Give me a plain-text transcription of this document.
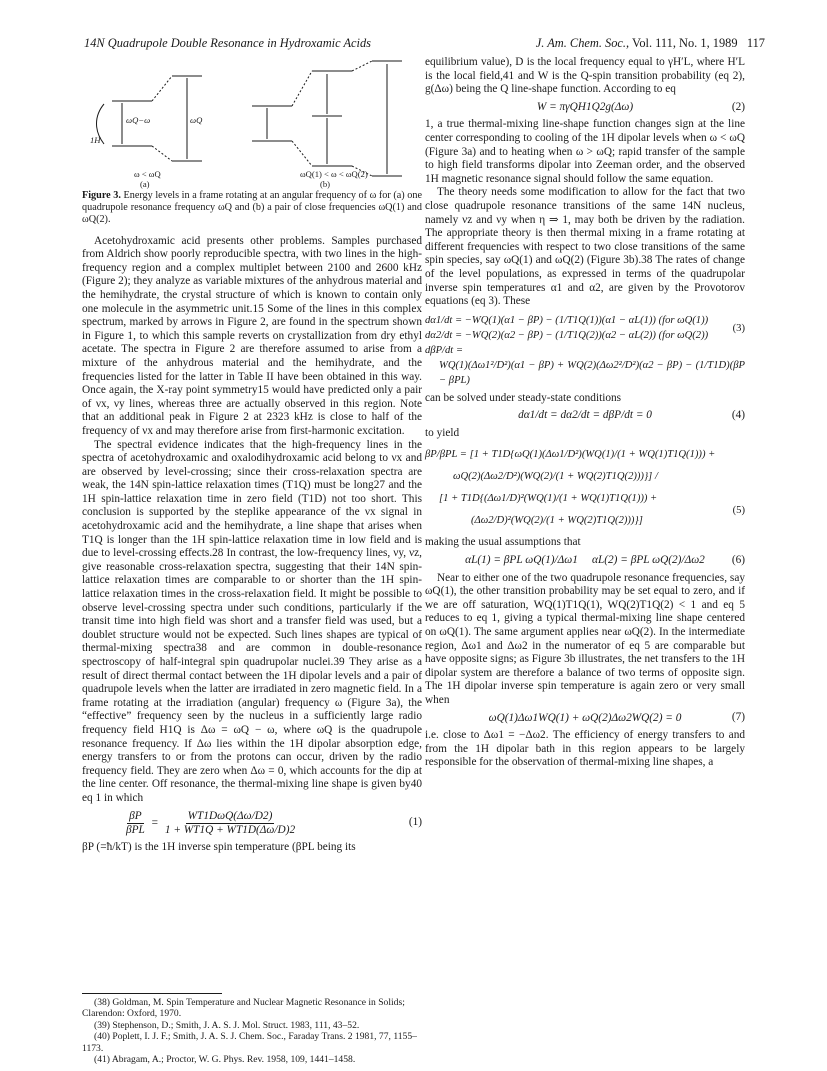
14N Quadrupole Double Resonance in Hydroxamic Acids	J. Am. Chem. Soc., Vol. 111, No. 1, 1989 117
1H
ωQ−ω	ωQ
ω < ωQ
(a)
ωQ(1) < ω < ωQ(2)
(b)

Figure 3. Energy levels in a frame rotating at an angular frequency of ω for (a) one quadrupole resonance frequency ωQ and (b) a pair of close frequencies ωQ(1) and ωQ(2).

Acetohydroxamic acid presents other problems. Samples purchased from Aldrich show poorly reproducible spectra, with two lines in the high-frequency region and a complex multiplet between 2100 and 2600 kHz (Figure 2); they analyze as variable mixtures of the anhydrous material and the hemihydrate, the crystal structure of which is known to contain only one molecule in the asymmetric unit.15 Some of the lines in this complex spectrum, marked by arrows in Figure 2, are found in the spectrum shown in Figure 1, to which this sample reverts on crystallization from dry ethyl acetate. The spectra in Figure 2 are therefore assumed to arise from a mixture of the anhydrous material and the hemihydrate, and the frequencies listed for the latter in Table II have been obtained in this way. Once again, the X-ray point symmetry15 would have predicted only a pair of νx, νy lines, whereas three are actually observed in this region. Note that an additional peak in Figure 2 at 2323 kHz is close to half of the frequency of νx and may therefore arise from first-harmonic excitation.

The spectral evidence indicates that the high-frequency lines in the spectra of acetohydroxamic and oxalodihydroxamic acid belong to νx and are observed by level-crossing; since their cross-relaxation spectra are weak, the 14N spin-lattice relaxation times (T1Q) must be long27 and the 1H spin-lattice relaxation time in zero field (T1D) not too short. This conclusion is supported by the steplike appearance of the νx signal in acetohydroxamic acid and the hemihydrate, a line shape that arises when T1Q is longer than the 1H spin-lattice relaxation time in low field and is due to level-crossing effects.28 In contrast, the low-frequency lines, νy, νz, give reasonable cross-relaxation spectra, suggesting that their 14N spin-lattice relaxation times are comparable to or shorter than the 1H spin-lattice relaxation times in the cross-relaxation field. It might be possible to observe level-crossing spectra under such conditions, particularly if the transit time into high field was short and a transfer field was used, but a doublet structure would not be expected. Such lines shapes are typical of thermal-mixing spectra38 and are common in double-resonance spectroscopy of half-integral spin quadrupolar nuclei.39 They arise as a result of direct thermal contact between the 1H dipolar levels and a pair of quadrupole levels when the latter are irradiated in zero magnetic field. In a frame rotating at the irradiation (angular) frequency ω (Figure 3a), the “effective” frequency seen by the nucleus in a sufficiently large radio frequency field H1Q is Δω = ωQ − ω, where ωQ is the quadrupole resonance frequency. If Δω lies within the 1H dipolar absorption edge, energy transfers to or from the protons can occur, driven by the radio frequency field. They are zero when Δω = 0, which accounts for the dip at the line center. Off resonance, the thermal-mixing line shape is given by40 eq 1 in which

$\frac{\beta P}{\text{βPL}} = \frac{\text{WT1DωQ(Δω/D2)}}{1 + WT1Q + WT1D(\Delta\omega/D)2}$	(1)

βP (=ħ/kT) is the 1H inverse spin temperature (βPL being its

(38) Goldman, M. Spin Temperature and Nuclear Magnetic Resonance in Solids; Clarendon: Oxford, 1970.

(39) Stephenson, D.; Smith, J. A. S. J. Mol. Struct. 1983, 111, 43–52.

(40) Poplett, I. J. F.; Smith, J. A. S. J. Chem. Soc., Faraday Trans. 2 1981, 77, 1155–1173.

(41) Abragam, A.; Proctor, W. G. Phys. Rev. 1958, 109, 1441–1458.

equilibrium value), D is the local frequency equal to γH′L, where H′L is the local field,41 and W is the Q-spin transition probability (eq 2), g(Δω) being the Q line-shape function. According to eq

W = πγQH1Q2g(Δω)	(2)

1, a true thermal-mixing line-shape function changes sign at the line center corresponding to cooling of the 1H dipolar levels when ω < ωQ (Figure 3a) and to heating when ω > ωQ; rapid transfer of the sample to high field transforms dipolar into Zeeman order, and the observed 1H magnetic resonance signal should follow the same equation.

The theory needs some modification to allow for the fact that two close quadrupole resonance transitions of the same 14N nucleus, namely νz and νy when η ⇒ 1, may both be driven by the radiation. The appropriate theory is then thermal mixing in a frame rotating at different frequencies with respect to two close transitions of the same spin species, say ωQ(1) and ωQ(2) (Figure 3b).38 The rates of change of the level populations, as expressed in terms of the quadrupolar inverse spin temperatures α1 and α2, are given by the Provotorov equations (eq 3). These

dα1/dt = −WQ(1)(α1 − βP) − (1/T1Q(1))(α1 − αL(1)) (for ωQ(1))
dα2/dt = −WQ(2)(α2 − βP) − (1/T1Q(2))(α2 − αL(2)) (for ωQ(2))
dβP/dt =
WQ(1)(Δω1²/D²)(α1 − βP) + WQ(2)(Δω2²/D²)(α2 − βP) − (1/T1D)(βP − βPL)
(3)

can be solved under steady-state conditions

dα1/dt = dα2/dt = dβP/dt = 0	(4)

to yield

βP/βPL = [1 + T1D{ωQ(1)(Δω1/D²)(WQ(1)/(1 + WQ(1)T1Q(1))) +
ωQ(2)(Δω2/D²)(WQ(2)/(1 + WQ(2)T1Q(2)))}] /
[1 + T1D{(Δω1/D)²(WQ(1)/(1 + WQ(1)T1Q(1))) +
(Δω2/D)²(WQ(2)/(1 + WQ(2)T1Q(2)))}]
(5)

making the usual assumptions that

αL(1) = βPL ωQ(1)/Δω1     αL(2) = βPL ωQ(2)/Δω2 (6)

Near to either one of the two quadrupole resonance frequencies, say ωQ(1), the other transition probability may be set equal to zero, and if we are off saturation, WQ(1)T1Q(1), WQ(2)T1Q(2) < 1 and eq 5 reduces to eq 1, giving a typical thermal-mixing line shape centered on ωQ(1). The same argument applies near ωQ(2). In the intermediate region, Δω1 and Δω2 in the numerator of eq 5 are comparable but have opposite signs; as Figure 3b illustrates, the net transfers to the 1H dipolar system are therefore a balance of two terms of opposite sign. The 1H dipolar inverse spin temperature is again zero or very small when

ωQ(1)Δω1WQ(1) + ωQ(2)Δω2WQ(2) = 0	(7)

i.e. close to Δω1 = −Δω2. The efficiency of energy transfers to and from the 1H dipolar bath in this region appears to be largely responsible for the observation of thermal-mixing line shapes, a
